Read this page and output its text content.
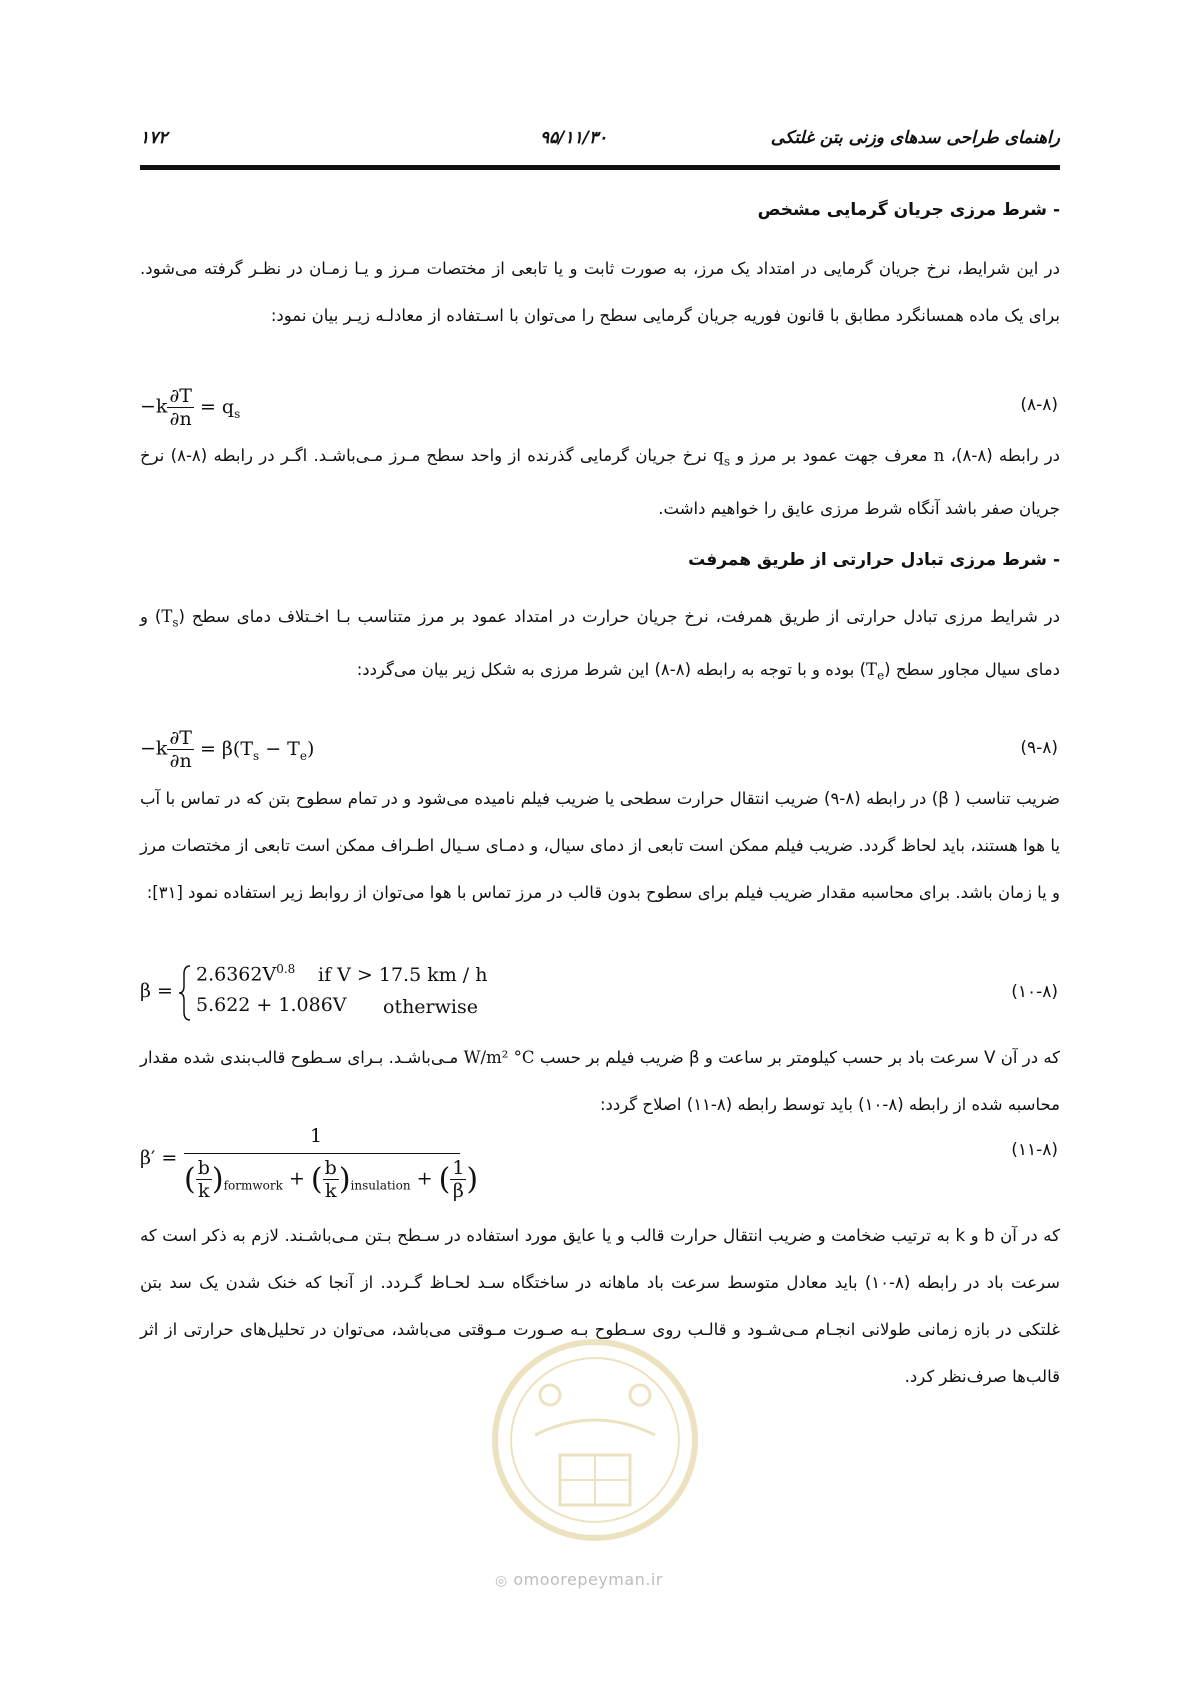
۱۷۲	۹۵/۱۱/۳۰	راهنمای طراحی سدهای وزنی بتن غلتکی
- شرط مرزی جریان گرمایی مشخص
در این شرایط، نرخ جریان گرمایی در امتداد یک مرز، به صورت ثابت و یا تابعی از مختصات مـرز و یـا زمـان در نظـر گرفته می‌شود. برای یک ماده همسانگرد مطابق با قانون فوریه جریان گرمایی سطح را می‌توان با اسـتفاده از معادلـه زیـر بیان نمود:
$-k \frac{\partial T}{\partial n} = q_s$	(۸-۸)
در رابطه (۸-۸)، n معرف جهت عمود بر مرز و $q_s$ نرخ جریان گرمایی گذرنده از واحد سطح مـرز مـی‌باشـد. اگـر در رابطه (۸-۸) نرخ جریان صفر باشد آنگاه شرط مرزی عایق را خواهیم داشت.
- شرط مرزی تبادل حرارتی از طریق همرفت
در شرایط مرزی تبادل حرارتی از طریق همرفت، نرخ جریان حرارت در امتداد عمود بر مرز متناسب بـا اخـتلاف دمای سطح $(T_s)$ و دمای سیال مجاور سطح $(T_e)$ بوده و با توجه به رابطه (۸-۸) این شرط مرزی به شکل زیر بیان می‌گردد:
$-k \frac{\partial T}{\partial n} = \beta(T_s - T_e)$	(۹-۸)
ضریب تناسب ( β) در رابطه (۸-۹) ضریب انتقال حرارت سطحی یا ضریب فیلم نامیده می‌شود و در تمام سطوح بتن که در تماس با آب یا هوا هستند، باید لحاظ گردد. ضریب فیلم ممکن است تابعی از دمای سیال، و دمـای سـیال اطـراف ممکن است تابعی از مختصات مرز و یا زمان باشد. برای محاسبه مقدار ضریب فیلم برای سطوح بدون قالب در مرز تماس با هوا می‌توان از روابط زیر استفاده نمود [۳۱]:
β =
$2.6362V^{0.8}$ if V > 17.5 km / h
5.622 + 1.086V otherwise
(۱۰-۸)
که در آن V سرعت باد بر حسب کیلومتر بر ساعت و β ضریب فیلم بر حسب W/m² °C مـی‌باشـد. بـرای سـطوح قالب‌بندی شده مقدار محاسبه شده از رابطه (۸-۱۰) باید توسط رابطه (۸-۱۱) اصلاح گردد:
β′ =
1
( $\frac{b}{k} )_{formwork}$ + ( $\frac{b}{k} )_{insulation}$ + ( $\frac{1}{\beta}$ )
(۱۱-۸)
که در آن b و k به ترتیب ضخامت و ضریب انتقال حرارت قالب و یا عایق مورد استفاده در سـطح بـتن مـی‌باشـند. لازم به ذکر است که سرعت باد در رابطه (۸-۱۰) باید معادل متوسط سرعت باد ماهانه در ساختگاه سـد لحـاظ گـردد. از آنجا که خنک شدن یک سد بتن غلتکی در بازه زمانی طولانی انجـام مـی‌شـود و قالـب روی سـطوح بـه صـورت مـوقتی می‌باشد، می‌توان در تحلیل‌های حرارتی از اثر قالب‌ها صرف‌نظر کرد.
◎ omoorepeyman.ir
